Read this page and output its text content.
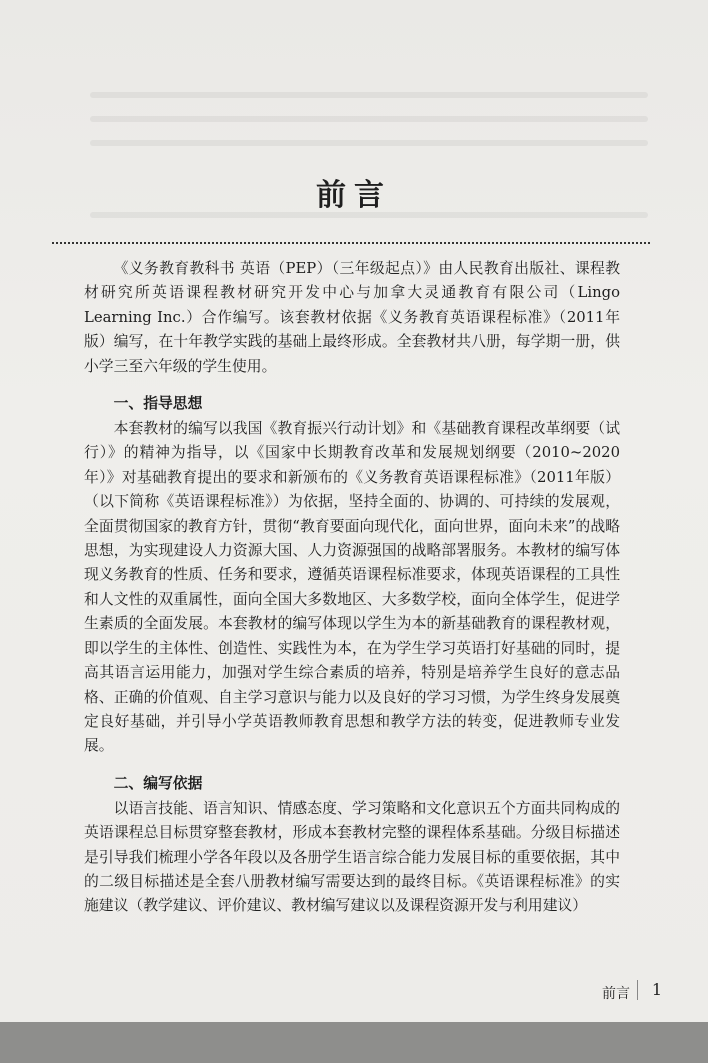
前言

《义务教育教科书 英语（PEP）（三年级起点）》由人民教育出版社、课程教材研究所英语课程教材研究开发中心与加拿大灵通教育有限公司（Lingo Learning Inc.）合作编写。该套教材依据《义务教育英语课程标准》（2011年版）编写，在十年教学实践的基础上最终形成。全套教材共八册，每学期一册，供小学三至六年级的学生使用。

一、指导思想

本套教材的编写以我国《教育振兴行动计划》和《基础教育课程改革纲要（试行）》的精神为指导，以《国家中长期教育改革和发展规划纲要（2010~2020年）》对基础教育提出的要求和新颁布的《义务教育英语课程标准》（2011年版）（以下简称《英语课程标准》）为依据，坚持全面的、协调的、可持续的发展观，全面贯彻国家的教育方针，贯彻“教育要面向现代化，面向世界，面向未来”的战略思想，为实现建设人力资源大国、人力资源强国的战略部署服务。本教材的编写体现义务教育的性质、任务和要求，遵循英语课程标准要求，体现英语课程的工具性和人文性的双重属性，面向全国大多数地区、大多数学校，面向全体学生，促进学生素质的全面发展。本套教材的编写体现以学生为本的新基础教育的课程教材观，即以学生的主体性、创造性、实践性为本，在为学生学习英语打好基础的同时，提高其语言运用能力，加强对学生综合素质的培养，特别是培养学生良好的意志品格、正确的价值观、自主学习意识与能力以及良好的学习习惯，为学生终身发展奠定良好基础，并引导小学英语教师教育思想和教学方法的转变，促进教师专业发展。

二、编写依据

以语言技能、语言知识、情感态度、学习策略和文化意识五个方面共同构成的英语课程总目标贯穿整套教材，形成本套教材完整的课程体系基础。分级目标描述是引导我们梳理小学各年段以及各册学生语言综合能力发展目标的重要依据，其中的二级目标描述是全套八册教材编写需要达到的最终目标。《英语课程标准》的实施建议（教学建议、评价建议、教材编写建议以及课程资源开发与利用建议）

前言 1
